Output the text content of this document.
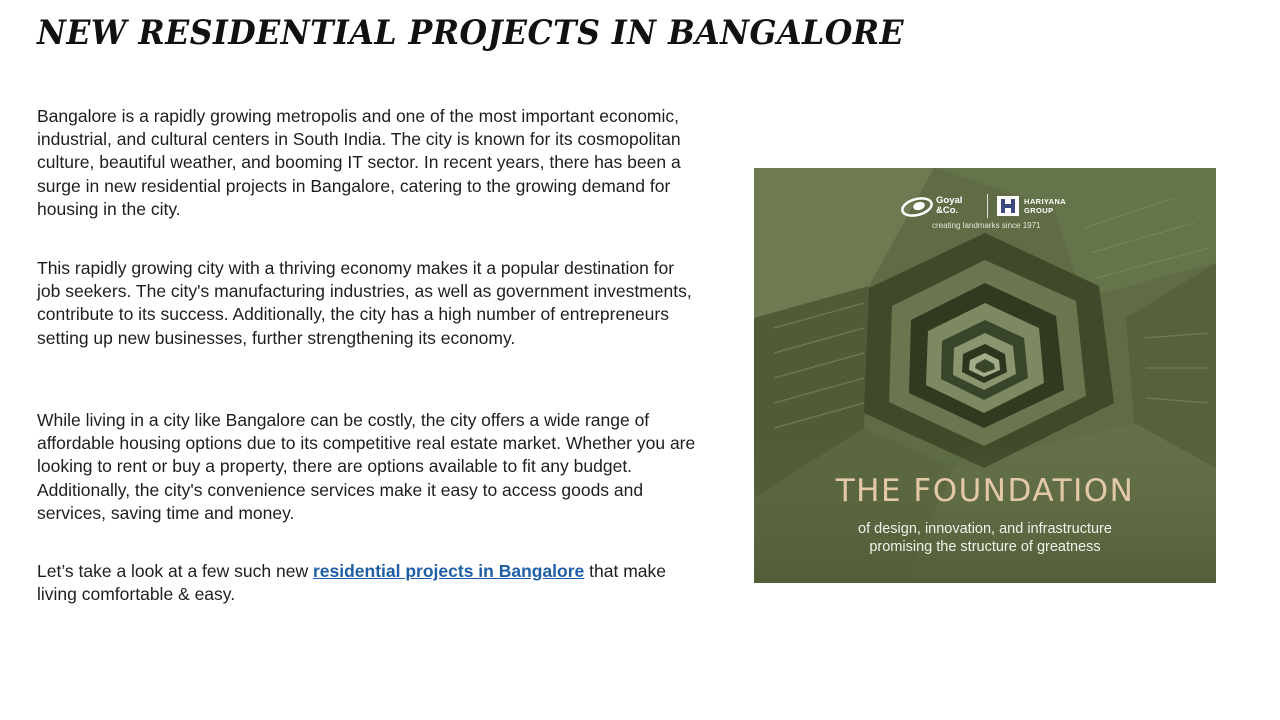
NEW RESIDENTIAL PROJECTS IN BANGALORE

Bangalore is a rapidly growing metropolis and one of the most important economic, industrial, and cultural centers in South India. The city is known for its cosmopolitan culture, beautiful weather, and booming IT sector. In recent years, there has been a surge in new residential projects in Bangalore, catering to the growing demand for housing in the city.

This rapidly growing city with a thriving economy makes it a popular destination for job seekers. The city's manufacturing industries, as well as government investments, contribute to its success. Additionally, the city has a high number of entrepreneurs setting up new businesses, further strengthening its economy.

While living in a city like Bangalore can be costly, the city offers a wide range of affordable housing options due to its competitive real estate market. Whether you are looking to rent or buy a property, there are options available to fit any budget. Additionally, the city's convenience services make it easy to access goods and services, saving time and money.

Let’s take a look at a few such new residential projects in Bangalore that make living comfortable & easy.

Goyal
&Co.
HARIYANA
GROUP
creating landmarks since 1971
THE FOUNDATION

of design, innovation, and infrastructure

promising the structure of greatness
